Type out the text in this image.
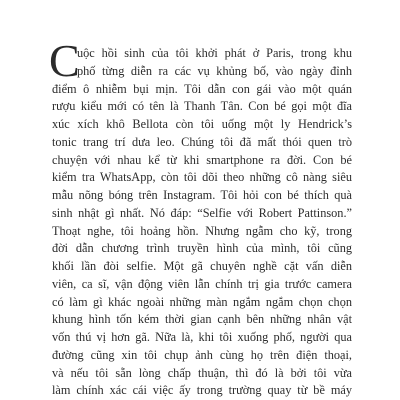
C
uộc hồi sinh của tôi khởi phát ở Paris, trong khu
phố từng diễn ra các vụ khủng bố, vào ngày đỉnh
điểm ô nhiễm bụi mịn. Tôi dẫn con gái vào một quán
rượu kiểu mới có tên là Thanh Tân. Con bé gọi một đĩa
xúc xích khô Bellota còn tôi uống một ly Hendrick’s
tonic trang trí dưa leo. Chúng tôi đã mất thói quen trò
chuyện với nhau kể từ khi smartphone ra đời. Con bé
kiểm tra WhatsApp, còn tôi dõi theo những cô nàng siêu
mẫu nõng bóng trên Instagram. Tôi hỏi con bé thích quà
sinh nhật gì nhất. Nó đáp: “Selfie với Robert Pattinson.”
Thoạt nghe, tôi hoảng hồn. Nhưng ngẫm cho kỹ, trong
đời dẫn chương trình truyền hình của mình, tôi cũng
khối lần đòi selfie. Một gã chuyên nghề cặt vấn diễn
viên, ca sĩ, vận động viên lẫn chính trị gia trước camera
có làm gì khác ngoài những màn ngắm ngắm chọn chọn
khung hình tốn kém thời gian cạnh bên những nhân vật
vốn thú vị hơn gã. Nữa là, khi tôi xuống phố, người qua
đường cũng xin tôi chụp ảnh cùng họ trên điện thoại,
và nếu tôi sẵn lòng chấp thuận, thì đó là bởi tôi vừa
làm chính xác cái việc ấy trong trường quay từ bề máy
